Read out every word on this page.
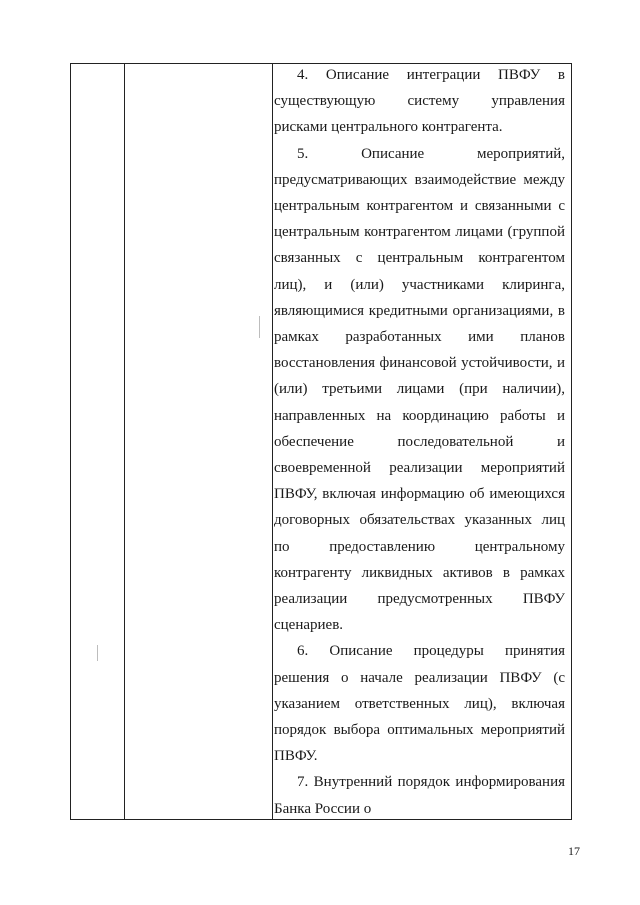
4. Описание интеграции ПВФУ в существующую систему управления рисками центрального контрагента.

5. Описание мероприятий, предусматривающих взаимодействие между центральным контрагентом и связанными с центральным контрагентом лицами (группой связанных с центральным контрагентом лиц), и (или) участниками клиринга, являющимися кредитными организациями, в рамках разработанных ими планов восстановления финансовой устойчивости, и (или) третьими лицами (при наличии), направленных на координацию работы и обеспечение последовательной и своевременной реализации мероприятий ПВФУ, включая информацию об имеющихся договорных обязательствах указанных лиц по предоставлению центральному контрагенту ликвидных активов в рамках реализации предусмотренных ПВФУ сценариев.

6. Описание процедуры принятия решения о начале реализации ПВФУ (с указанием ответственных лиц), включая порядок выбора оптимальных мероприятий ПВФУ.

7. Внутренний порядок информирования Банка России о

17
